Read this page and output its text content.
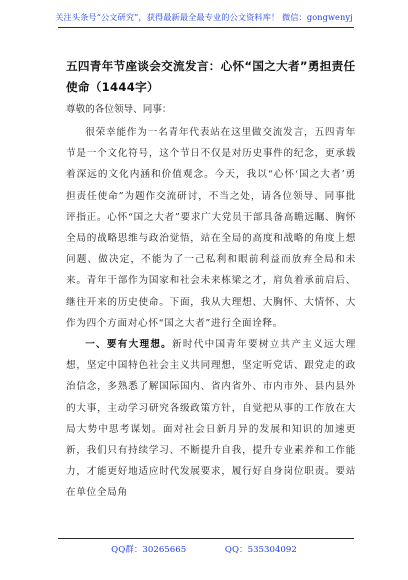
关注头条号“公文研究”，获得最新最全最专业的公文资料库！ 微信：gongwenyj
五四青年节座谈会交流发言：心怀“国之大者”勇担责任使命（1444字）
尊敬的各位领导、同事：

很荣幸能作为一名青年代表站在这里做交流发言，五四青年节是一个文化符号，这个节日不仅是对历史事件的纪念，更承载着深远的文化内涵和价值观念。今天，我以“心怀‘国之大者’勇担责任使命”为题作交流研讨，不当之处，请各位领导、同事批评指正。心怀“国之大者”要求广大党员干部具备高瞻远瞩、胸怀全局的战略思维与政治觉悟，站在全局的高度和战略的角度上想问题、做决定，不能为了一己私利和眼前利益而放弃全局和未来。青年干部作为国家和社会未来栋梁之才，肩负着承前启后、继往开来的历史使命。下面，我从大理想、大胸怀、大情怀、大作为四个方面对心怀“国之大者”进行全面诠释。

一、要有大理想。新时代中国青年要树立共产主义远大理想，坚定中国特色社会主义共同理想，坚定听党话、跟党走的政治信念，多熟悉了解国际国内、省内省外、市内市外、县内县外的大事，主动学习研究各级政策方针，自觉把从事的工作放在大局大势中思考谋划。面对社会日新月异的发展和知识的加速更新，我们只有持续学习、不断提升自我，提升专业素养和工作能力，才能更好地适应时代发展要求，履行好自身岗位职责。要站在单位全局角

QQ群：30265665	QQ：535304092
